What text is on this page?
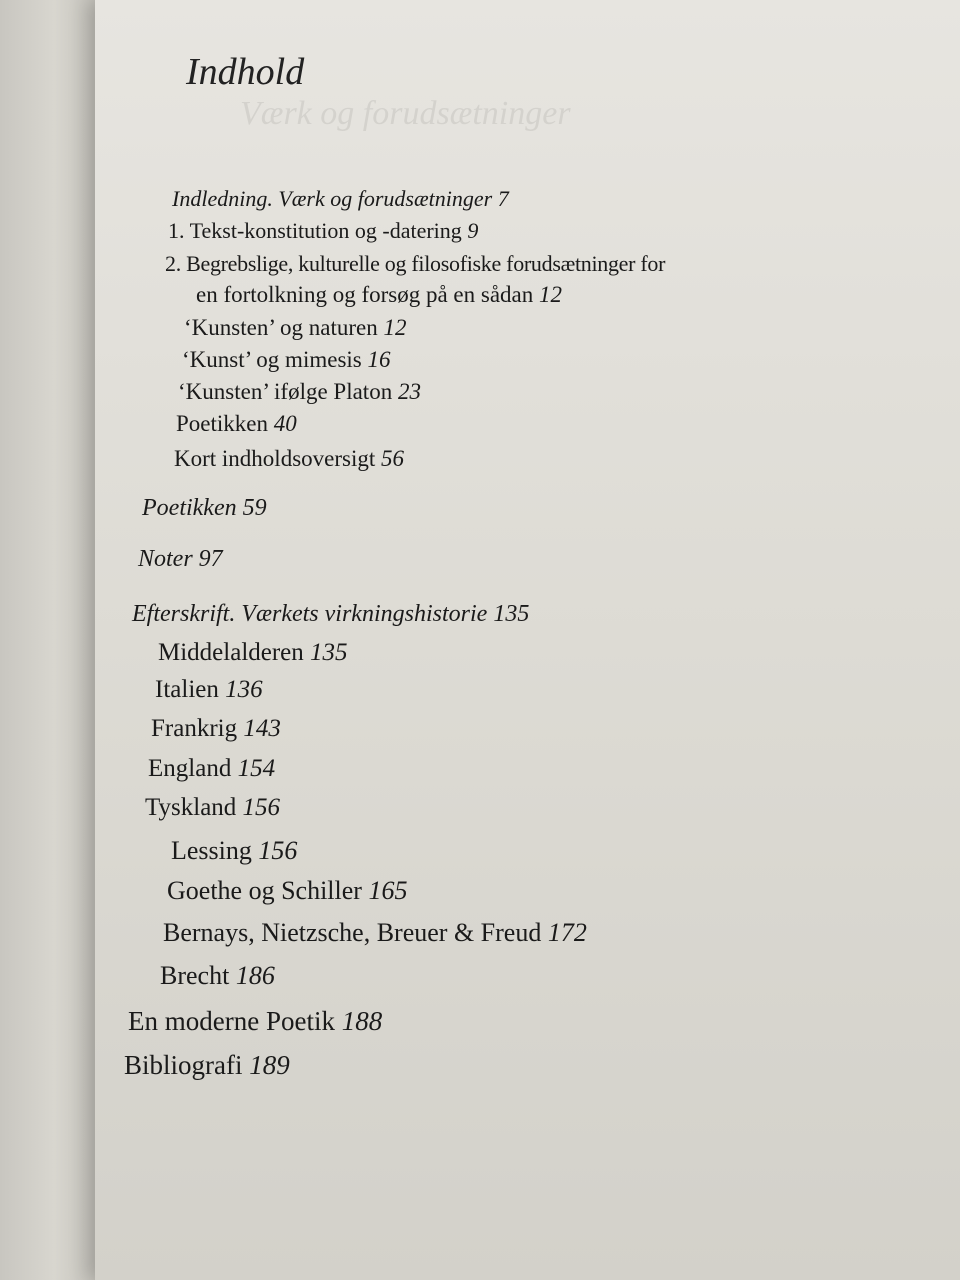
Indhold
Indledning. Værk og forudsætninger 7
1. Tekst-konstitution og -datering 9
2. Begrebslige, kulturelle og filosofiske forudsætninger for
en fortolkning og forsøg på en sådan 12
‘Kunsten’ og naturen 12
‘Kunst’ og mimesis 16
‘Kunsten’ ifølge Platon 23
Poetikken 40
Kort indholdsoversigt 56
Poetikken 59
Noter 97
Efterskrift. Værkets virkningshistorie 135
Middelalderen 135
Italien 136
Frankrig 143
England 154
Tyskland 156
Lessing 156
Goethe og Schiller 165
Bernays, Nietzsche, Breuer & Freud 172
Brecht 186
En moderne Poetik 188
Bibliografi 189
